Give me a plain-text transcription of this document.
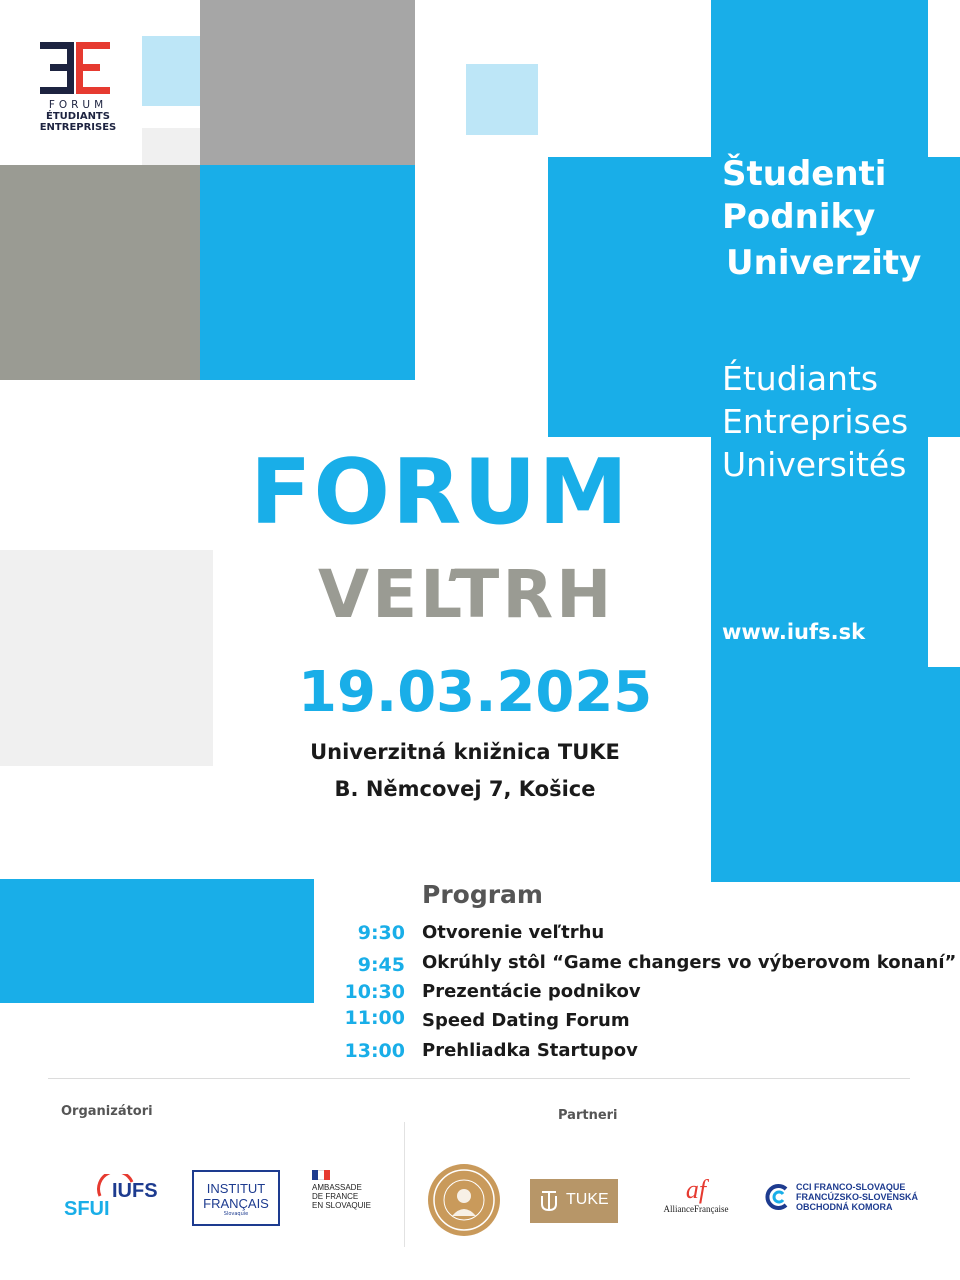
FORUM
ÉTUDIANTS
ENTREPRISES
Študenti
Podniky
Univerzity
Étudiants
Entreprises
Universités
www.iufs.sk
FORUM
VEĽTRH
19.03.2025
Univerzitná knižnica TUKE
B. Němcovej 7, Košice
Program
9:30 Otvorenie veľtrhu
9:45 Okrúhly stôl “Game changers vo výberovom konaní”
10:30 Prezentácie podnikov
11:00 Speed Dating Forum
13:00 Prehliadka Startupov
Organizátori	Partneri
IUFS
SFUI
INSTITUT
FRANÇAIS
Slovaquie
AMBASSADE
DE FRANCE
EN SLOVAQUIE	TUKE	af
AllianceFrançaise
CCI FRANCO-SLOVAQUE
FRANCÚZSKO-SLOVENSKÁ
OBCHODNÁ KOMORA
